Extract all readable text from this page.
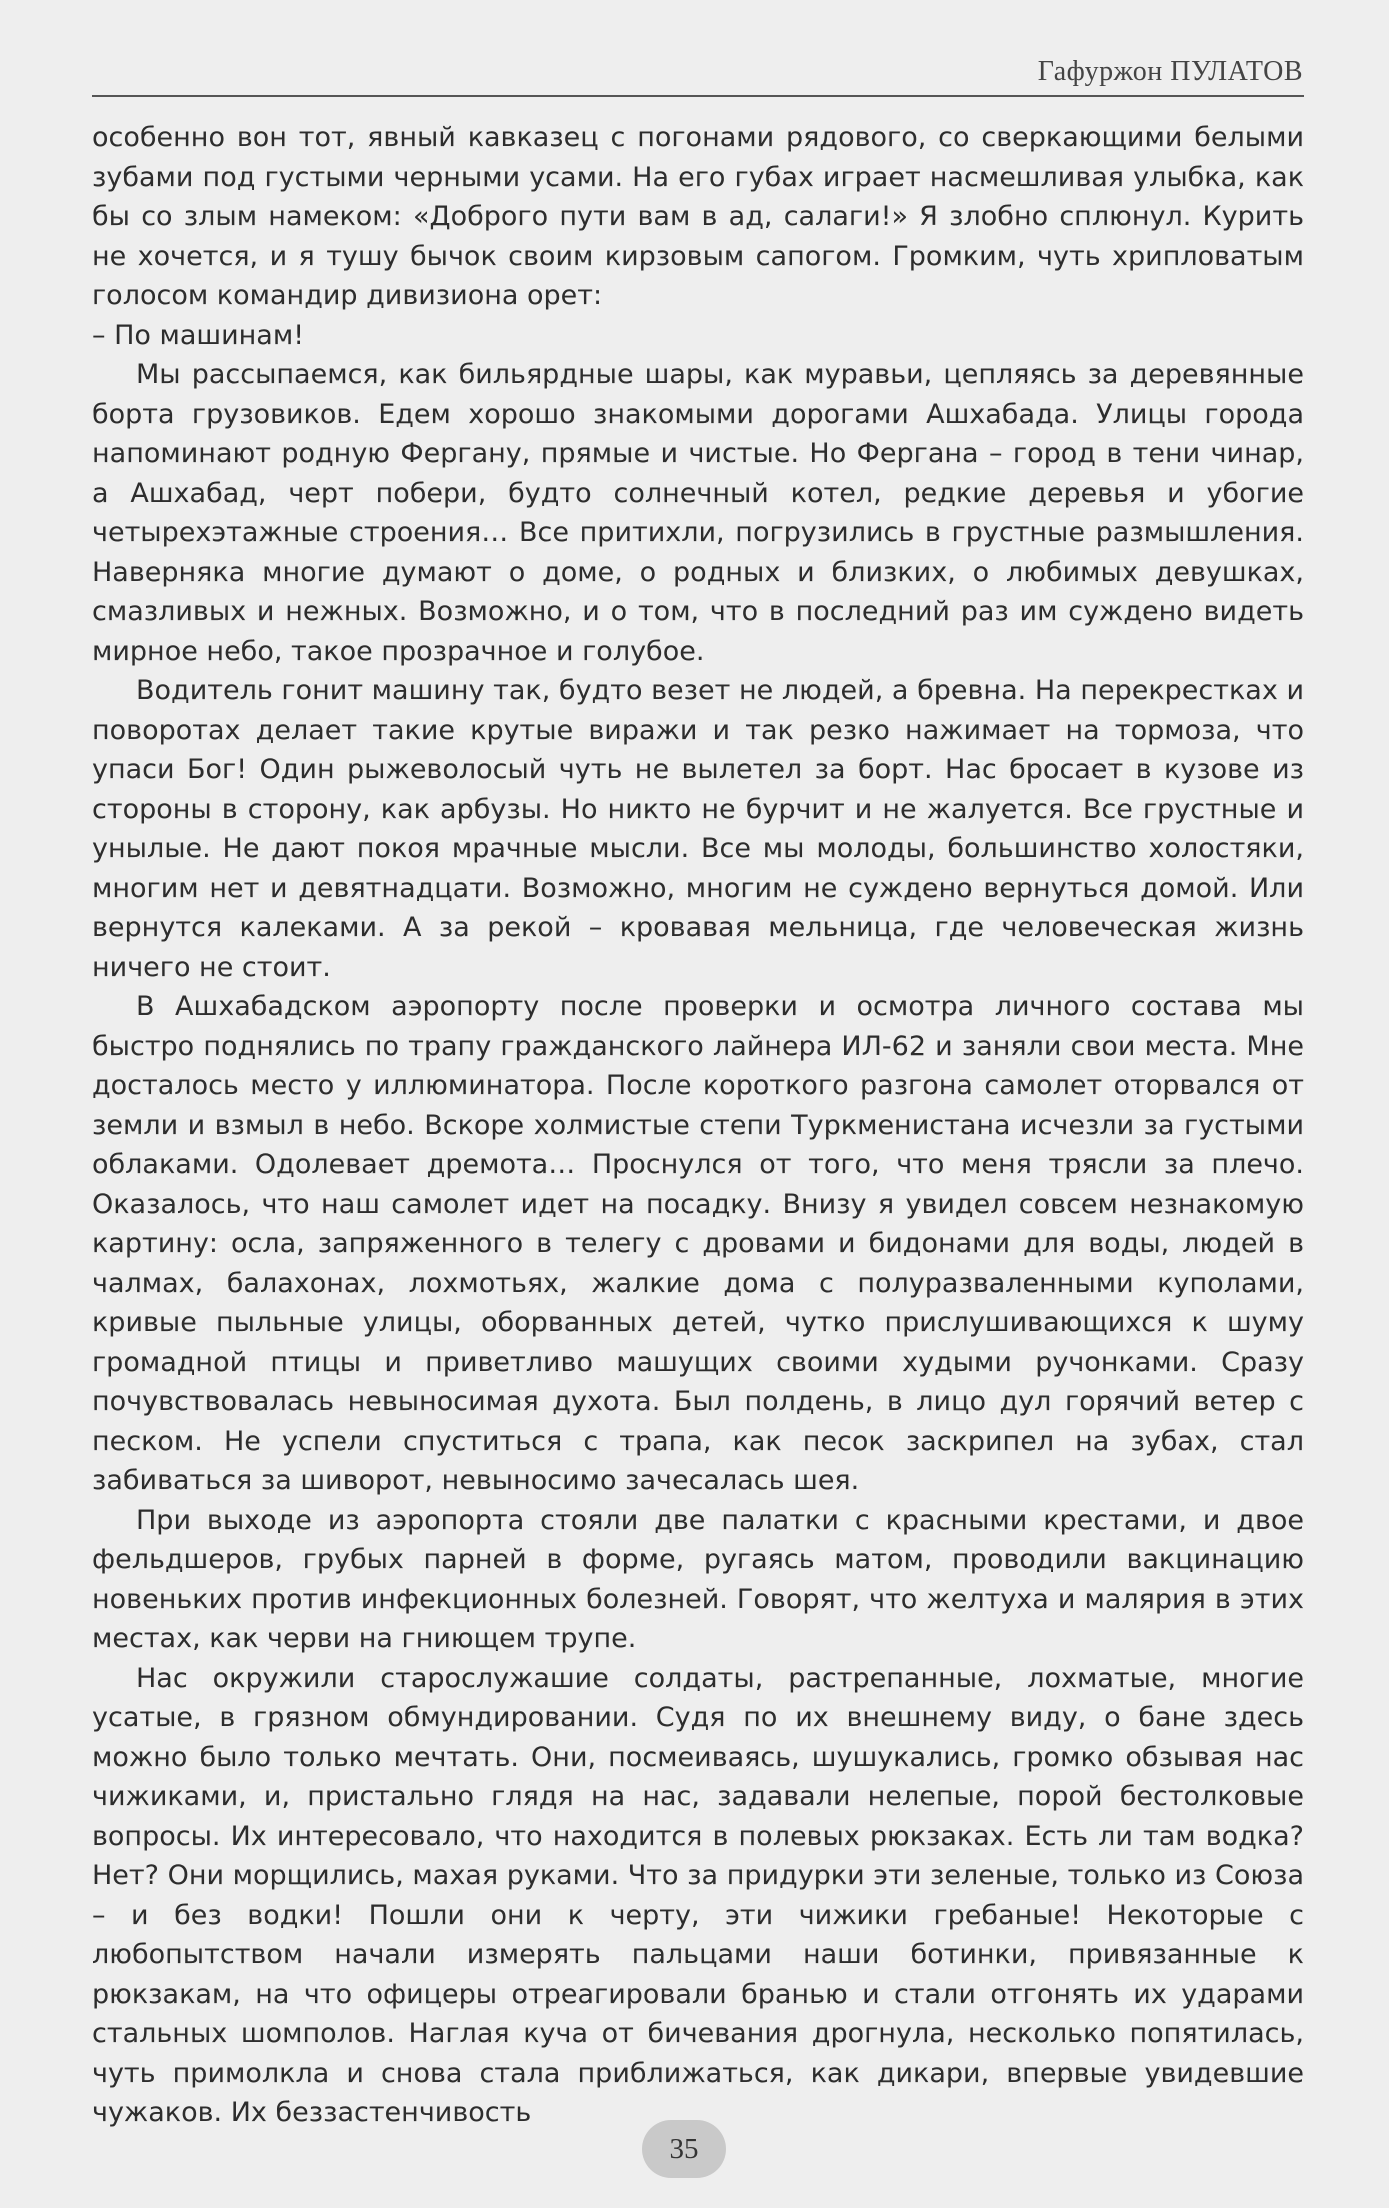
Гафуржон ПУЛАТОВ

особенно вон тот, явный кавказец с погонами рядового, со сверкающими белыми зубами под густыми черными усами. На его губах играет насмешливая улыбка, как бы со злым намеком: «Доброго пути вам в ад, салаги!» Я злобно сплюнул. Курить не хочется, и я тушу бычок своим кирзовым сапогом. Громким, чуть хрипловатым голосом командир дивизиона орет:

– По машинам!

Мы рассыпаемся, как бильярдные шары, как муравьи, цепляясь за деревянные борта грузовиков. Едем хорошо знакомыми дорогами Ашхабада. Улицы города напоминают родную Фергану, прямые и чистые. Но Фергана – город в тени чинар, а Ашхабад, черт побери, будто солнечный котел, редкие деревья и убогие четырехэтажные строения… Все притихли, погрузились в грустные размышления. Наверняка многие думают о доме, о родных и близких, о любимых девушках, смазливых и нежных. Возможно, и о том, что в последний раз им суждено видеть мирное небо, такое прозрачное и голубое.

Водитель гонит машину так, будто везет не людей, а бревна. На перекрестках и поворотах делает такие крутые виражи и так резко нажимает на тормоза, что упаси Бог! Один рыжеволосый чуть не вылетел за борт. Нас бросает в кузове из стороны в сторону, как арбузы. Но никто не бурчит и не жалуется. Все грустные и унылые. Не дают покоя мрачные мысли. Все мы молоды, большинство холостяки, многим нет и девятнадцати. Возможно, многим не суждено вернуться домой. Или вернутся калеками. А за рекой – кровавая мельница, где человеческая жизнь ничего не стоит.

В Ашхабадском аэропорту после проверки и осмотра личного состава мы быстро поднялись по трапу гражданского лайнера ИЛ-62 и заняли свои места. Мне досталось место у иллюминатора. После короткого разгона самолет оторвался от земли и взмыл в небо. Вскоре холмистые степи Туркменистана исчезли за густыми облаками. Одолевает дремота… Проснулся от того, что меня трясли за плечо. Оказалось, что наш самолет идет на посадку. Внизу я увидел совсем незнакомую картину: осла, запряженного в телегу с дровами и бидонами для воды, людей в чалмах, балахонах, лохмотьях, жалкие дома с полуразваленными куполами, кривые пыльные улицы, оборванных детей, чутко прислушивающихся к шуму громадной птицы и приветливо машущих своими худыми ручонками. Сразу почувствовалась невыносимая духота. Был полдень, в лицо дул горячий ветер с песком. Не успели спуститься с трапа, как песок заскрипел на зубах, стал забиваться за шиворот, невыносимо зачесалась шея.

При выходе из аэропорта стояли две палатки с красными крестами, и двое фельдшеров, грубых парней в форме, ругаясь матом, проводили вакцинацию новеньких против инфекционных болезней. Говорят, что желтуха и малярия в этих местах, как черви на гниющем трупе.

Нас окружили старослужашие солдаты, растрепанные, лохматые, многие усатые, в грязном обмундировании. Судя по их внешнему виду, о бане здесь можно было только мечтать. Они, посмеиваясь, шушукались, громко обзывая нас чижиками, и, пристально глядя на нас, задавали нелепые, порой бестолковые вопросы. Их интересовало, что находится в полевых рюкзаках. Есть ли там водка? Нет? Они морщились, махая руками. Что за придурки эти зеленые, только из Союза – и без водки! Пошли они к черту, эти чижики гребаные! Некоторые с любопытством начали измерять пальцами наши ботинки, привязанные к рюкзакам, на что офицеры отреагировали бранью и стали отгонять их ударами стальных шомполов. Наглая куча от бичевания дрогнула, несколько попятилась, чуть примолкла и снова стала приближаться, как дикари, впервые увидевшие чужаков. Их беззастенчивость

35
